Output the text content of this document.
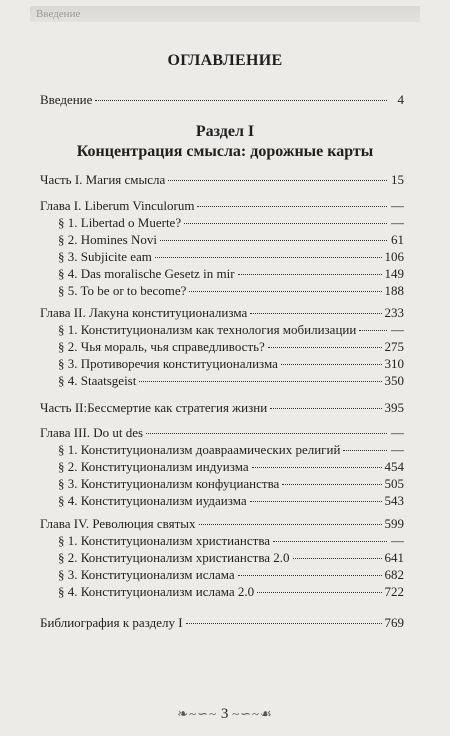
Введение
ОГЛАВЛЕНИЕ
Введение	4
Раздел I
Концентрация смысла: дорожные карты
Часть I. Магия смысла	15
Глава I. Liberum Vinculorum	—
§ 1. Libertad o Muerte?	—
§ 2. Homines Novi	61
§ 3. Subjicite eam	106
§ 4. Das moralische Gesetz in mir	149
§ 5. To be or to become?	188
Глава II. Лакуна конституционализма	233
§ 1. Конституционализм как технология мобилизации	—
§ 2. Чья мораль, чья справедливость?	275
§ 3. Противоречия конституционализма	310
§ 4. Staatsgeist	350
Часть II:Бессмертие как стратегия жизни	395
Глава III. Do ut des	—
§ 1. Конституционализм доавраамических религий	—
§ 2. Конституционализм индуизма	454
§ 3. Конституционализм конфуцианства	505
§ 4. Конституционализм иудаизма	543
Глава IV. Революция святых	599
§ 1. Конституционализм христианства	—
§ 2. Конституционализм христианства 2.0	641
§ 3. Конституционализм ислама	682
§ 4. Конституционализм ислама 2.0	722
Библиография к разделу I	769
❧~∽~ 3 ~∽~☙
